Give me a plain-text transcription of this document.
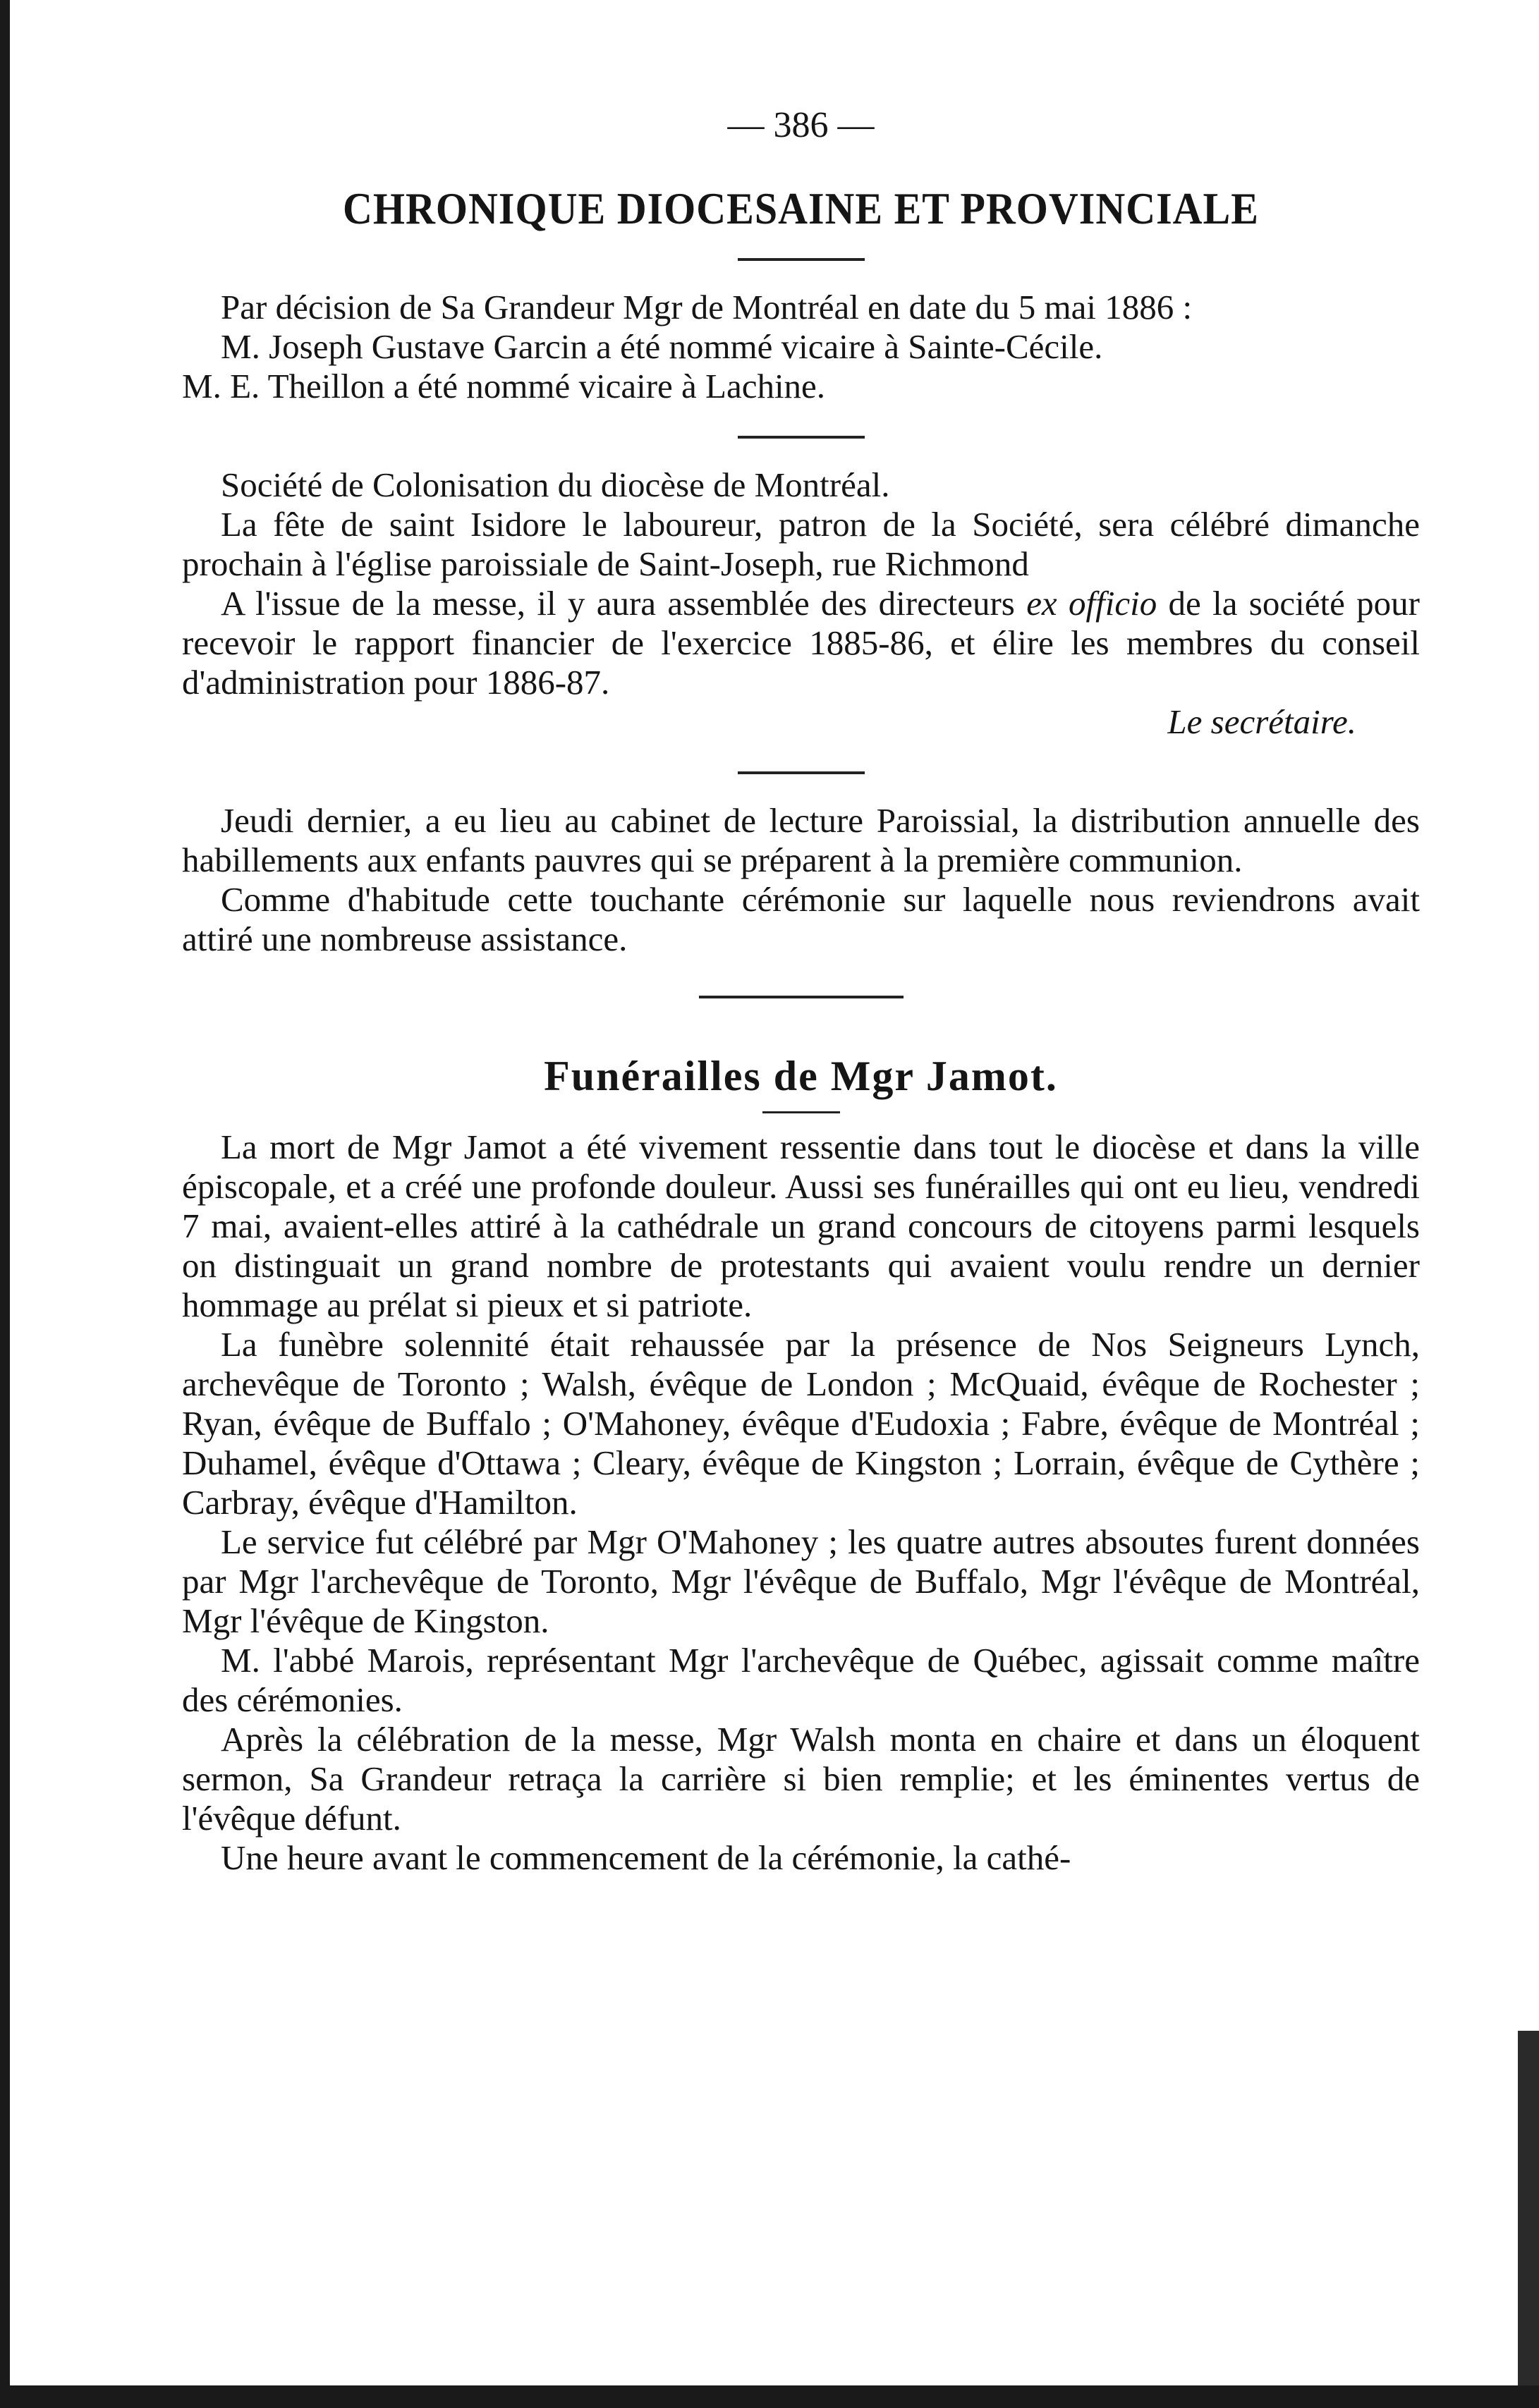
— 386 —
CHRONIQUE DIOCESAINE ET PROVINCIALE

Par décision de Sa Grandeur Mgr de Montréal en date du 5 mai 1886 :

M. Joseph Gustave Garcin a été nommé vicaire à Sainte-Cécile.

M. E. Theillon a été nommé vicaire à Lachine.

Société de Colonisation du diocèse de Montréal.

La fête de saint Isidore le laboureur, patron de la Société, sera célébré dimanche prochain à l'église paroissiale de Saint-Joseph, rue Richmond

A l'issue de la messe, il y aura assemblée des directeurs ex officio de la société pour recevoir le rapport financier de l'exercice 1885-86, et élire les membres du conseil d'administration pour 1886-87.

Le secrétaire.

Jeudi dernier, a eu lieu au cabinet de lecture Paroissial, la distribution annuelle des habillements aux enfants pauvres qui se préparent à la première communion.

Comme d'habitude cette touchante cérémonie sur laquelle nous reviendrons avait attiré une nombreuse assistance.

Funérailles de Mgr Jamot.

La mort de Mgr Jamot a été vivement ressentie dans tout le diocèse et dans la ville épiscopale, et a créé une profonde douleur. Aussi ses funérailles qui ont eu lieu, vendredi 7 mai, avaient-elles attiré à la cathédrale un grand concours de citoyens parmi lesquels on distinguait un grand nombre de protestants qui avaient voulu rendre un dernier hommage au prélat si pieux et si patriote.

La funèbre solennité était rehaussée par la présence de Nos Seigneurs Lynch, archevêque de Toronto ; Walsh, évêque de London ; McQuaid, évêque de Rochester ; Ryan, évêque de Buffalo ; O'Mahoney, évêque d'Eudoxia ; Fabre, évêque de Montréal ; Duhamel, évêque d'Ottawa ; Cleary, évêque de Kingston ; Lorrain, évêque de Cythère ; Carbray, évêque d'Hamilton.

Le service fut célébré par Mgr O'Mahoney ; les quatre autres absoutes furent données par Mgr l'archevêque de Toronto, Mgr l'évêque de Buffalo, Mgr l'évêque de Montréal, Mgr l'évêque de Kingston.

M. l'abbé Marois, représentant Mgr l'archevêque de Québec, agissait comme maître des cérémonies.

Après la célébration de la messe, Mgr Walsh monta en chaire et dans un éloquent sermon, Sa Grandeur retraça la carrière si bien remplie; et les éminentes vertus de l'évêque défunt.

Une heure avant le commencement de la cérémonie, la cathé-
